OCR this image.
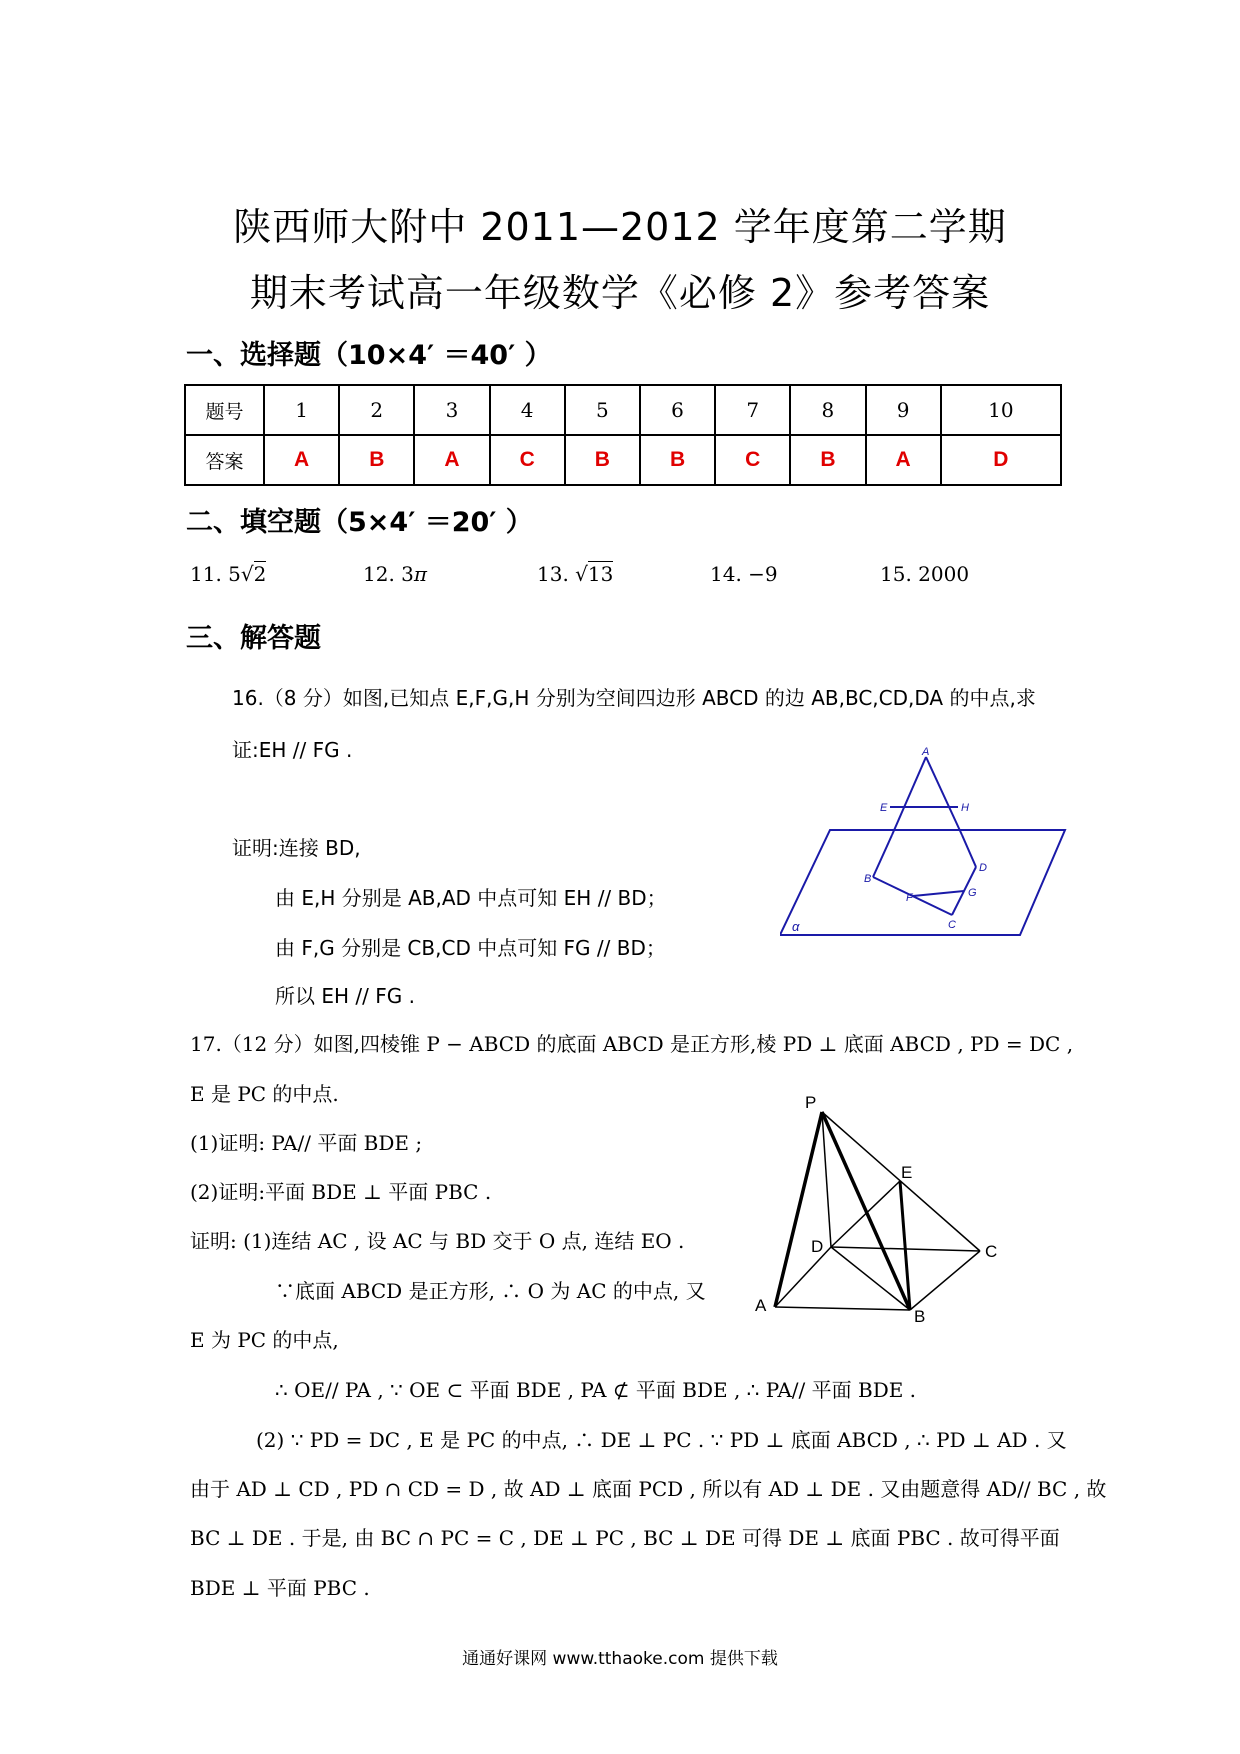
陕西师大附中 2011—2012 学年度第二学期
期末考试高一年级数学《必修 2》参考答案
一、选择题（10×4′ ＝40′ ）
题号	1	2	3	4	5	6	7	8	9	10
答案	A	B	A	C	B	B	C	B	A	D
二、填空题（5×4′ ＝20′ ）
11. 5√2	12. 3π	13. √13	14. −9	15. 2000
三、解答题
16.（8 分）如图,已知点 E,F,G,H 分别为空间四边形 ABCD 的边 AB,BC,CD,DA 的中点,求
证:EH // FG .
证明:连接 BD,
由 E,H 分别是 AB,AD 中点可知 EH // BD；
由 F,G 分别是 CB,CD 中点可知 FG // BD；
所以 EH // FG .
A
E	H
B
D
F	G
C
α
17.（12 分）如图,四棱锥 P − ABCD 的底面 ABCD 是正方形,棱 PD ⊥ 底面 ABCD , PD = DC ,
E 是 PC 的中点.
(1)证明: PA// 平面 BDE ;
(2)证明:平面 BDE ⊥ 平面 PBC .
证明: (1)连结 AC , 设 AC 与 BD 交于 O 点, 连结 EO .
∵底面 ABCD 是正方形, ∴ O 为 AC 的中点, 又
E 为 PC 的中点,
∴ OE// PA , ∵ OE ⊂ 平面 BDE , PA ⊄ 平面 BDE , ∴ PA// 平面 BDE .
(2) ∵ PD = DC , E 是 PC 的中点, ∴ DE ⊥ PC . ∵ PD ⊥ 底面 ABCD , ∴ PD ⊥ AD . 又
由于 AD ⊥ CD , PD ∩ CD = D , 故 AD ⊥ 底面 PCD , 所以有 AD ⊥ DE . 又由题意得 AD// BC , 故
BC ⊥ DE . 于是, 由 BC ∩ PC = C , DE ⊥ PC , BC ⊥ DE 可得 DE ⊥ 底面 PBC . 故可得平面
BDE ⊥ 平面 PBC .
P
E
D	C
A
B
通通好课网 www.tthaoke.com 提供下载
